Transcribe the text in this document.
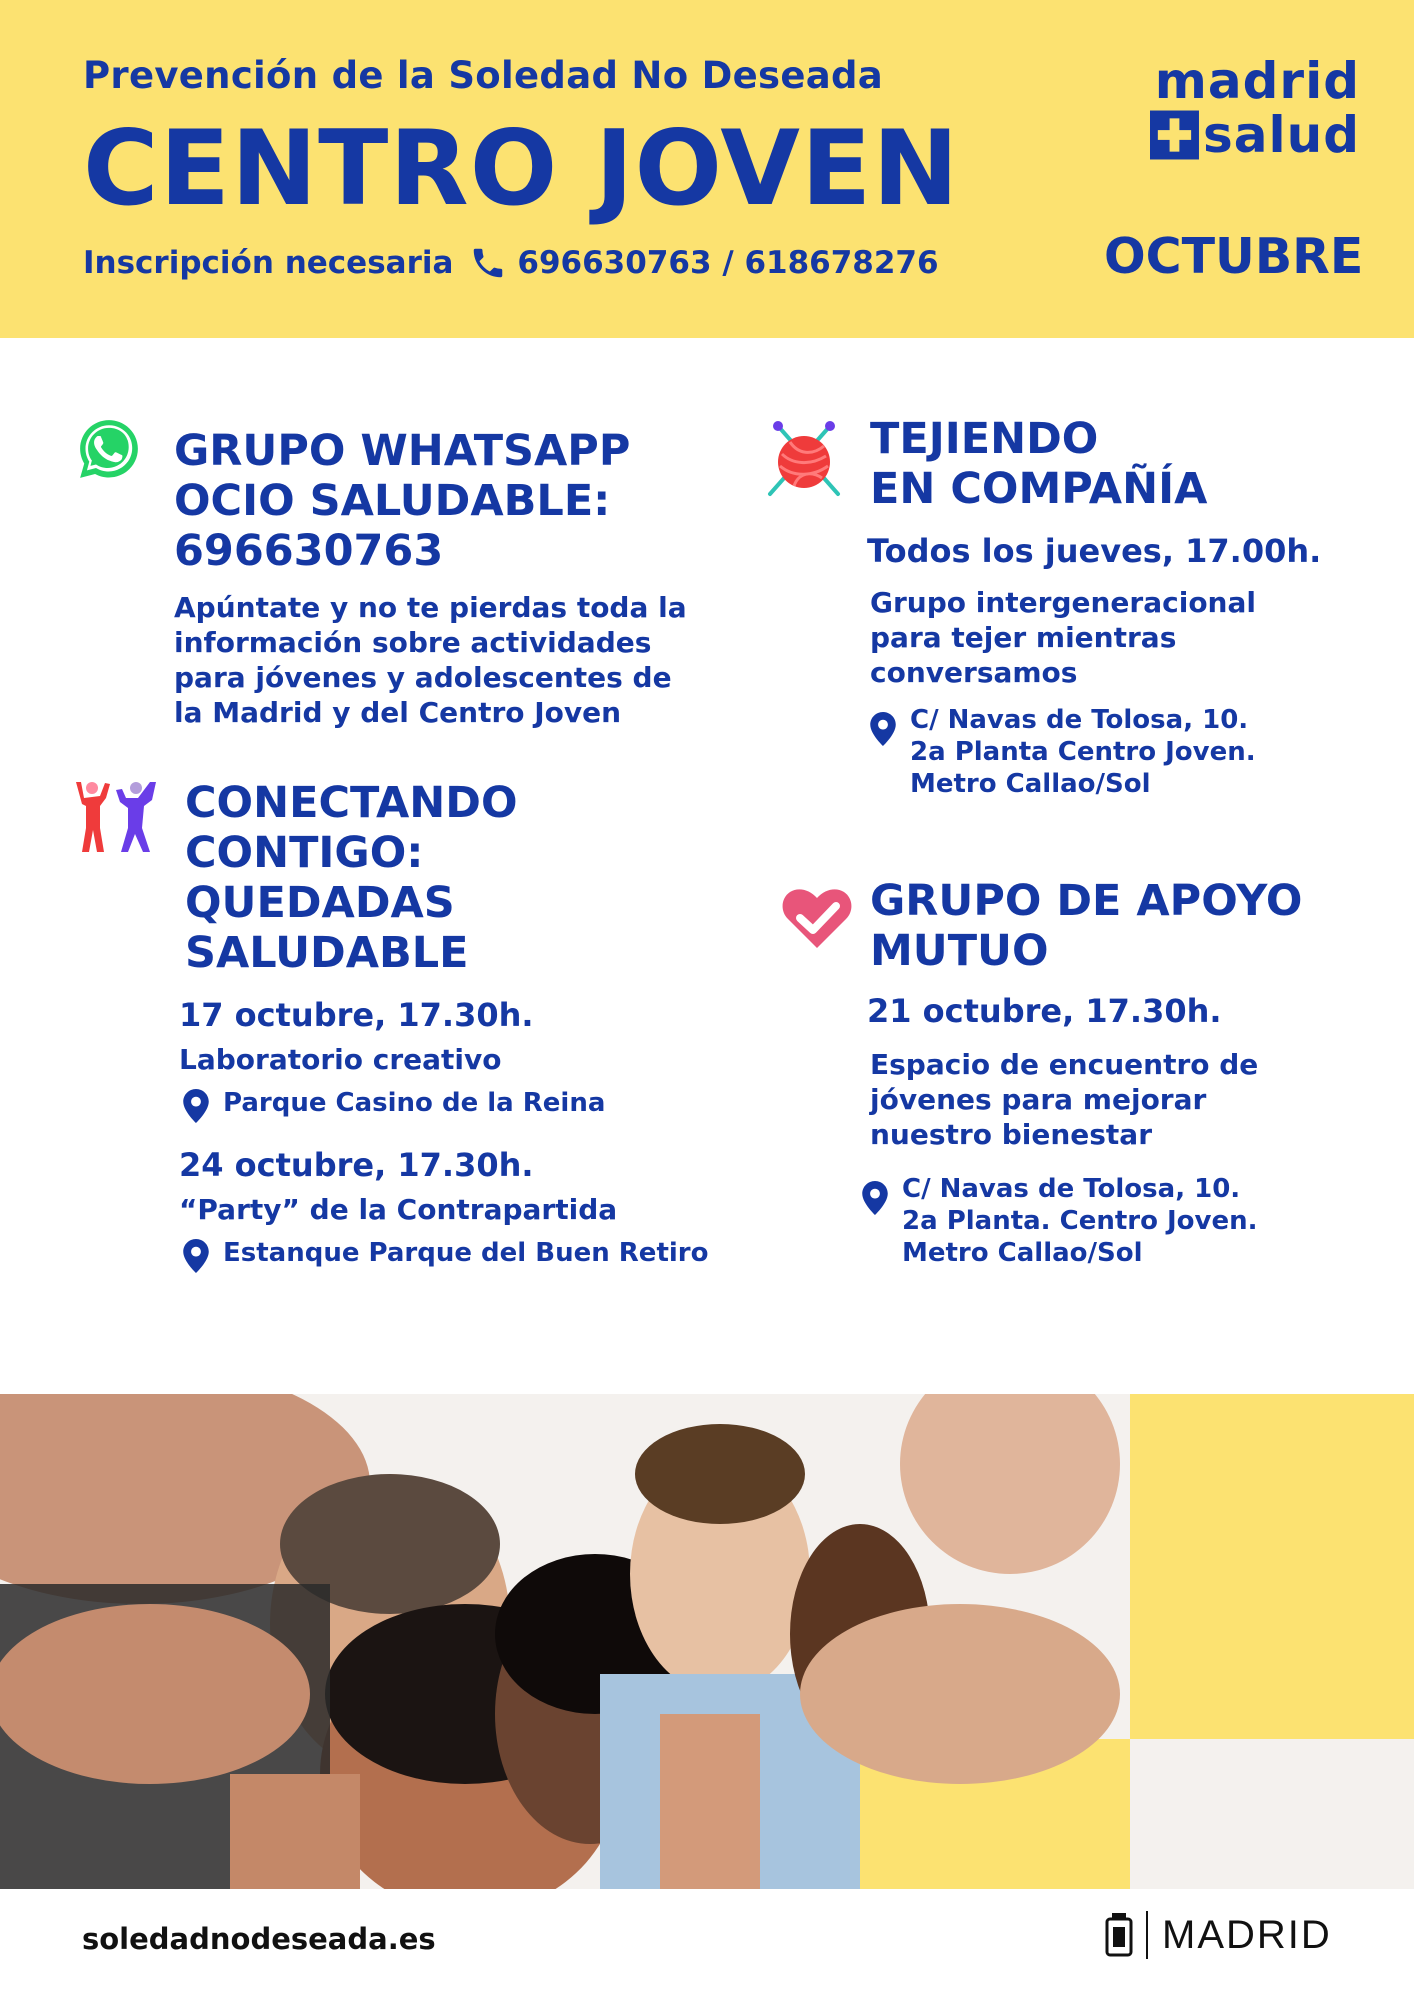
Prevención de la Soledad No Deseada
CENTRO JOVEN
Inscripción necesaria 696630763 / 618678276
madrid
salud
OCTUBRE
GRUPO WHATSAPP
OCIO SALUDABLE:
696630763
Apúntate y no te pierdas toda la
información sobre actividades
para jóvenes y adolescentes de
la Madrid y del Centro Joven
CONECTANDO
CONTIGO:
QUEDADAS
SALUDABLE
17 octubre, 17.30h.
Laboratorio creativo
Parque Casino de la Reina
24 octubre, 17.30h.
“Party” de la Contrapartida
Estanque Parque del Buen Retiro
TEJIENDO
EN COMPAÑÍA
Todos los jueves, 17.00h.
Grupo intergeneracional
para tejer mientras
conversamos
C/ Navas de Tolosa, 10.
2a Planta Centro Joven.
Metro Callao/Sol
GRUPO DE APOYO
MUTUO
21 octubre, 17.30h.
Espacio de encuentro de
jóvenes para mejorar
nuestro bienestar
C/ Navas de Tolosa, 10.
2a Planta. Centro Joven.
Metro Callao/Sol
soledadnodeseada.es	MADRID
